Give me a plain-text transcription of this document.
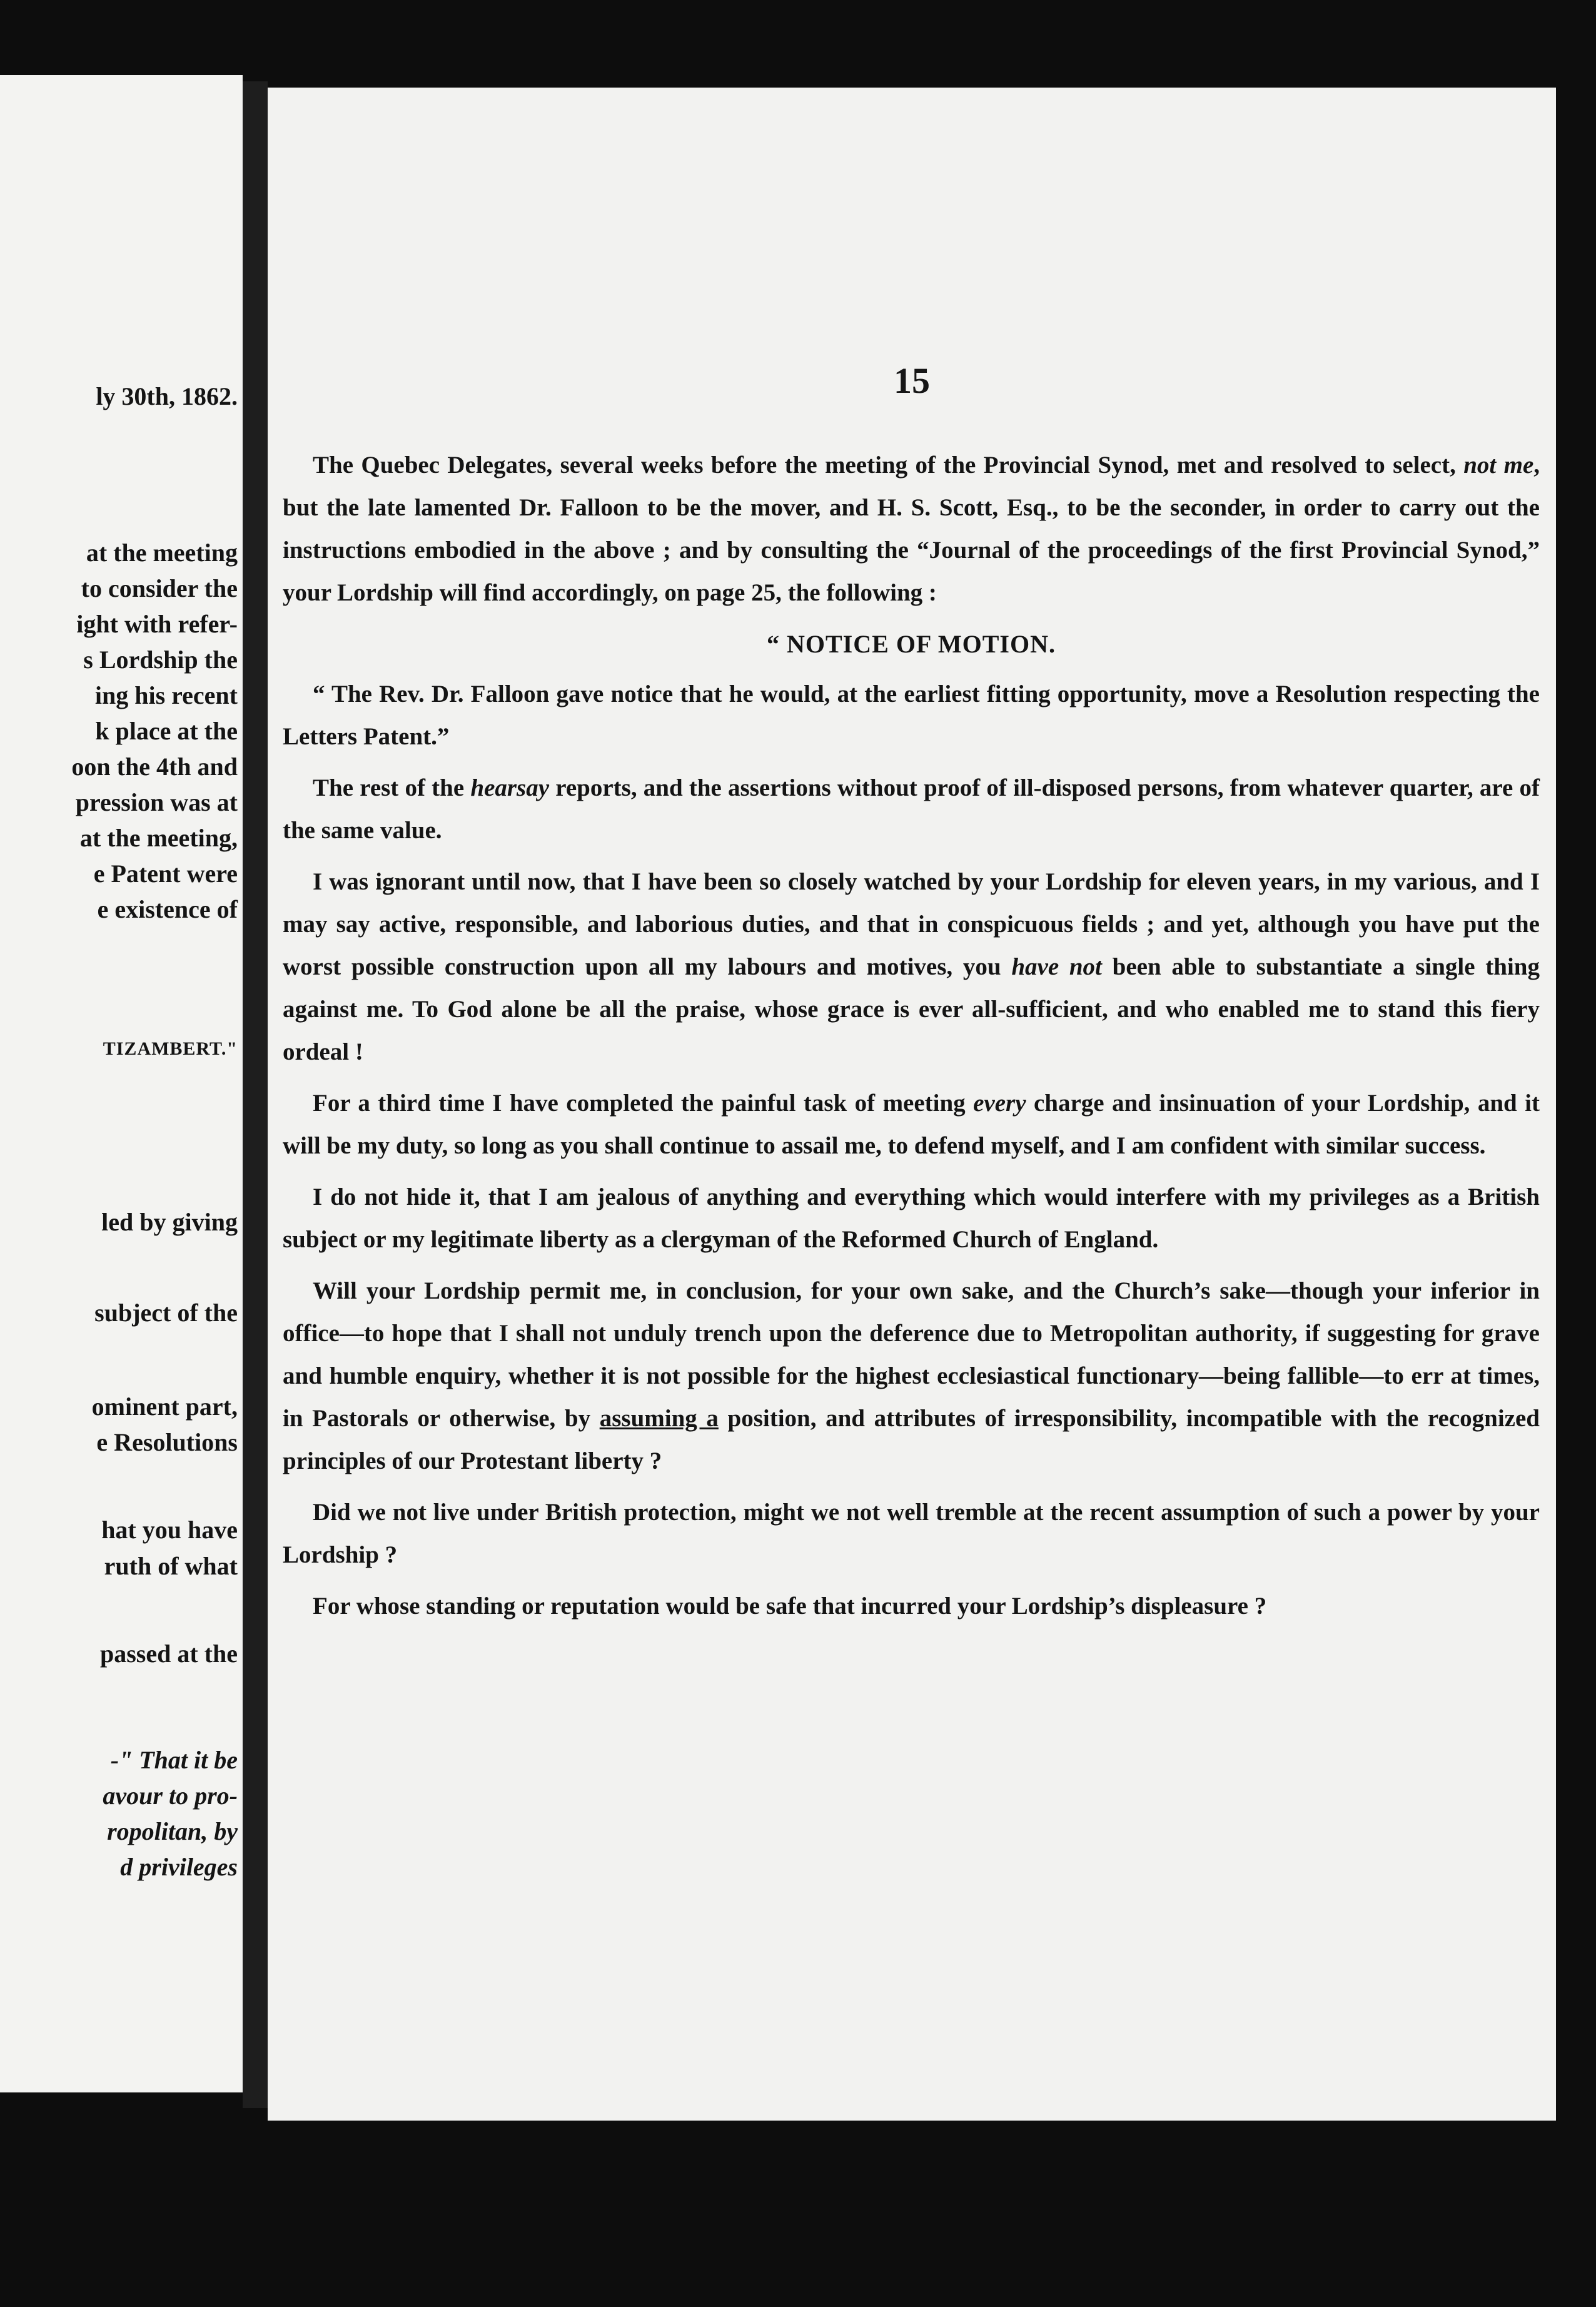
ly 30th, 1862.
at the meeting
to consider the
ight with refer-
s Lordship the
ing his recent
k place at the
oon the 4th and
pression was at
at the meeting,
e Patent were
e existence of
TIZAMBERT."
led by giving
subject of the
ominent part,
e Resolutions
hat you have
ruth of what
passed at the
-" That it be
avour to pro-
ropolitan, by
d privileges
15

The Quebec Delegates, several weeks before the meeting of the Provincial Synod, met and resolved to select, not me, but the late lamented Dr. Falloon to be the mover, and H. S. Scott, Esq., to be the seconder, in order to carry out the instructions embodied in the above ; and by consulting the “Journal of the proceedings of the first Provincial Synod,” your Lordship will find accordingly, on page 25, the following :

“ NOTICE OF MOTION.

“ The Rev. Dr. Falloon gave notice that he would, at the earliest fitting opportunity, move a Resolution respecting the Letters Patent.”

The rest of the hearsay reports, and the assertions without proof of ill-disposed persons, from whatever quarter, are of the same value.

I was ignorant until now, that I have been so closely watched by your Lordship for eleven years, in my various, and I may say active, responsible, and laborious duties, and that in conspicuous fields ; and yet, although you have put the worst possible construction upon all my labours and motives, you have not been able to substantiate a single thing against me. To God alone be all the praise, whose grace is ever all-sufficient, and who enabled me to stand this fiery ordeal !

For a third time I have completed the painful task of meeting every charge and insinuation of your Lordship, and it will be my duty, so long as you shall continue to assail me, to defend myself, and I am confident with similar success.

I do not hide it, that I am jealous of anything and everything which would interfere with my privileges as a British subject or my legitimate liberty as a clergyman of the Reformed Church of England.

Will your Lordship permit me, in conclusion, for your own sake, and the Church’s sake—though your inferior in office—to hope that I shall not unduly trench upon the deference due to Metropolitan authority, if suggesting for grave and humble enquiry, whether it is not possible for the highest ecclesiastical functionary—being fallible—to err at times, in Pastorals or otherwise, by assuming a position, and attributes of irresponsibility, incompatible with the recognized principles of our Protestant liberty ?

Did we not live under British protection, might we not well tremble at the recent assumption of such a power by your Lordship ?

For whose standing or reputation would be safe that incurred your Lordship’s displeasure ?
